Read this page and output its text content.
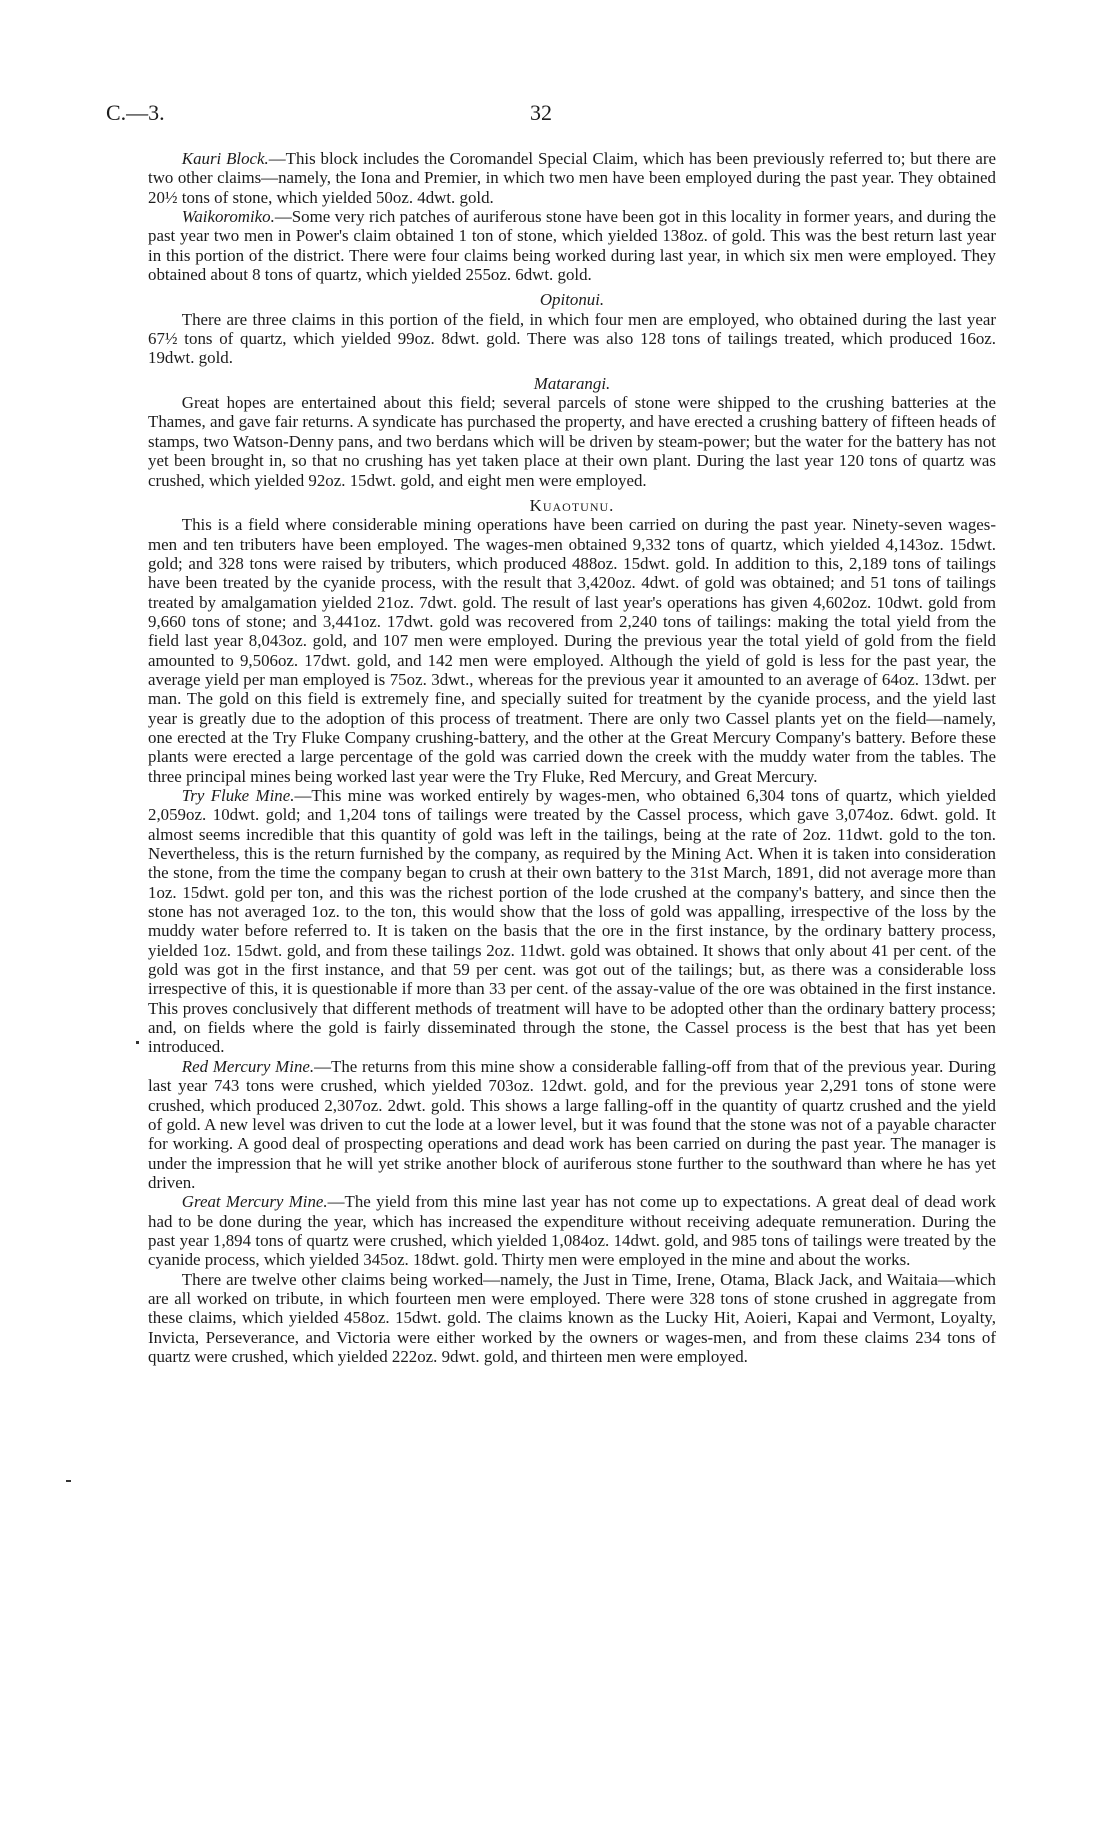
C.—3.	32

Kauri Block.—This block includes the Coromandel Special Claim, which has been previously referred to; but there are two other claims—namely, the Iona and Premier, in which two men have been employed during the past year. They obtained 20½ tons of stone, which yielded 50oz. 4dwt. gold.

Waikoromiko.—Some very rich patches of auriferous stone have been got in this locality in former years, and during the past year two men in Power's claim obtained 1 ton of stone, which yielded 138oz. of gold. This was the best return last year in this portion of the district. There were four claims being worked during last year, in which six men were employed. They obtained about 8 tons of quartz, which yielded 255oz. 6dwt. gold.

Opitonui.

There are three claims in this portion of the field, in which four men are employed, who obtained during the last year 67½ tons of quartz, which yielded 99oz. 8dwt. gold. There was also 128 tons of tailings treated, which produced 16oz. 19dwt. gold.

Matarangi.

Great hopes are entertained about this field; several parcels of stone were shipped to the crushing batteries at the Thames, and gave fair returns. A syndicate has purchased the property, and have erected a crushing battery of fifteen heads of stamps, two Watson-Denny pans, and two berdans which will be driven by steam-power; but the water for the battery has not yet been brought in, so that no crushing has yet taken place at their own plant. During the last year 120 tons of quartz was crushed, which yielded 92oz. 15dwt. gold, and eight men were employed.

Kuaotunu.

This is a field where considerable mining operations have been carried on during the past year. Ninety-seven wages-men and ten tributers have been employed. The wages-men obtained 9,332 tons of quartz, which yielded 4,143oz. 15dwt. gold; and 328 tons were raised by tributers, which produced 488oz. 15dwt. gold. In addition to this, 2,189 tons of tailings have been treated by the cyanide process, with the result that 3,420oz. 4dwt. of gold was obtained; and 51 tons of tailings treated by amalgamation yielded 21oz. 7dwt. gold. The result of last year's operations has given 4,602oz. 10dwt. gold from 9,660 tons of stone; and 3,441oz. 17dwt. gold was recovered from 2,240 tons of tailings: making the total yield from the field last year 8,043oz. gold, and 107 men were employed. During the previous year the total yield of gold from the field amounted to 9,506oz. 17dwt. gold, and 142 men were employed. Although the yield of gold is less for the past year, the average yield per man employed is 75oz. 3dwt., whereas for the previous year it amounted to an average of 64oz. 13dwt. per man. The gold on this field is extremely fine, and specially suited for treatment by the cyanide process, and the yield last year is greatly due to the adoption of this process of treatment. There are only two Cassel plants yet on the field—namely, one erected at the Try Fluke Company crushing-battery, and the other at the Great Mercury Company's battery. Before these plants were erected a large percentage of the gold was carried down the creek with the muddy water from the tables. The three principal mines being worked last year were the Try Fluke, Red Mercury, and Great Mercury.

Try Fluke Mine.—This mine was worked entirely by wages-men, who obtained 6,304 tons of quartz, which yielded 2,059oz. 10dwt. gold; and 1,204 tons of tailings were treated by the Cassel process, which gave 3,074oz. 6dwt. gold. It almost seems incredible that this quantity of gold was left in the tailings, being at the rate of 2oz. 11dwt. gold to the ton. Nevertheless, this is the return furnished by the company, as required by the Mining Act. When it is taken into consideration the stone, from the time the company began to crush at their own battery to the 31st March, 1891, did not average more than 1oz. 15dwt. gold per ton, and this was the richest portion of the lode crushed at the company's battery, and since then the stone has not averaged 1oz. to the ton, this would show that the loss of gold was appalling, irrespective of the loss by the muddy water before referred to. It is taken on the basis that the ore in the first instance, by the ordinary battery process, yielded 1oz. 15dwt. gold, and from these tailings 2oz. 11dwt. gold was obtained. It shows that only about 41 per cent. of the gold was got in the first instance, and that 59 per cent. was got out of the tailings; but, as there was a considerable loss irrespective of this, it is questionable if more than 33 per cent. of the assay-value of the ore was obtained in the first instance. This proves conclusively that different methods of treatment will have to be adopted other than the ordinary battery process; and, on fields where the gold is fairly disseminated through the stone, the Cassel process is the best that has yet been introduced.

Red Mercury Mine.—The returns from this mine show a considerable falling-off from that of the previous year. During last year 743 tons were crushed, which yielded 703oz. 12dwt. gold, and for the previous year 2,291 tons of stone were crushed, which produced 2,307oz. 2dwt. gold. This shows a large falling-off in the quantity of quartz crushed and the yield of gold. A new level was driven to cut the lode at a lower level, but it was found that the stone was not of a payable character for working. A good deal of prospecting operations and dead work has been carried on during the past year. The manager is under the impression that he will yet strike another block of auriferous stone further to the southward than where he has yet driven.

Great Mercury Mine.—The yield from this mine last year has not come up to expectations. A great deal of dead work had to be done during the year, which has increased the expenditure without receiving adequate remuneration. During the past year 1,894 tons of quartz were crushed, which yielded 1,084oz. 14dwt. gold, and 985 tons of tailings were treated by the cyanide process, which yielded 345oz. 18dwt. gold. Thirty men were employed in the mine and about the works.

There are twelve other claims being worked—namely, the Just in Time, Irene, Otama, Black Jack, and Waitaia—which are all worked on tribute, in which fourteen men were employed. There were 328 tons of stone crushed in aggregate from these claims, which yielded 458oz. 15dwt. gold. The claims known as the Lucky Hit, Aoieri, Kapai and Vermont, Loyalty, Invicta, Perseverance, and Victoria were either worked by the owners or wages-men, and from these claims 234 tons of quartz were crushed, which yielded 222oz. 9dwt. gold, and thirteen men were employed.
